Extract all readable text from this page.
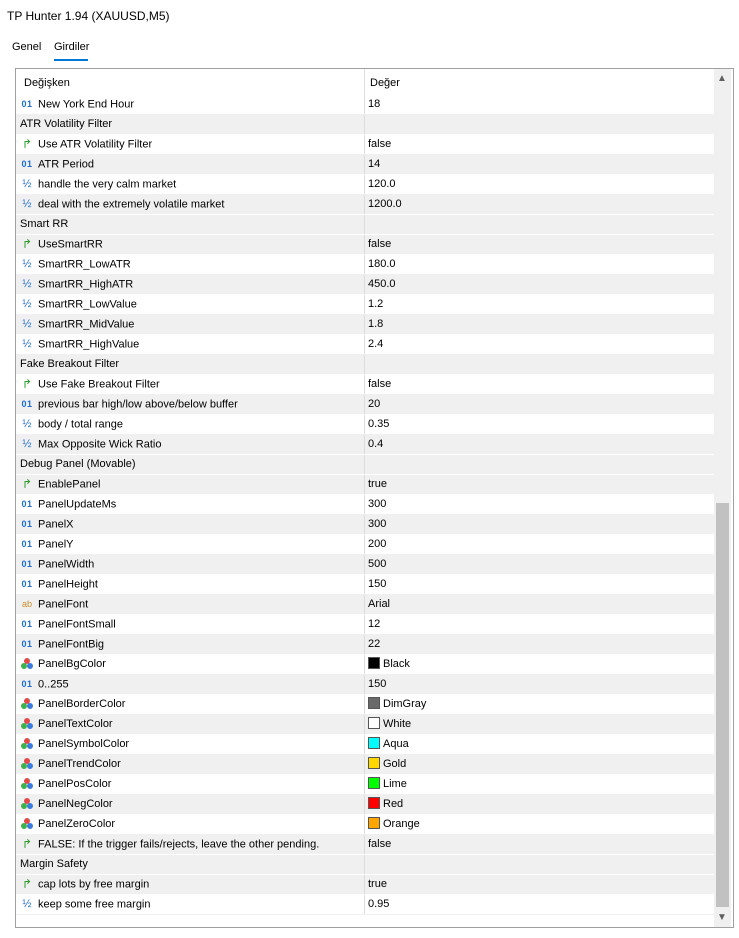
TP Hunter 1.94 (XAUUSD,M5)
Genel Girdiler
Değişken	Değer
01 New York End Hour	18
ATR Volatility Filter
↱ Use ATR Volatility Filter	false
01 ATR Period	14
½ handle the very calm market	120.0
½ deal with the extremely volatile market	1200.0
Smart RR
↱ UseSmartRR	false
½ SmartRR_LowATR	180.0
½ SmartRR_HighATR	450.0
½ SmartRR_LowValue	1.2
½ SmartRR_MidValue	1.8
½ SmartRR_HighValue	2.4
Fake Breakout Filter
↱ Use Fake Breakout Filter	false
01 previous bar high/low above/below buffer	20
½ body / total range	0.35
½ Max Opposite Wick Ratio	0.4
Debug Panel (Movable)
↱ EnablePanel	true
01 PanelUpdateMs	300
01 PanelX	300
01 PanelY	200
01 PanelWidth	500
01 PanelHeight	150
ab PanelFont	Arial
01 PanelFontSmall	12
01 PanelFontBig	22
PanelBgColor	Black
01 0..255	150
PanelBorderColor	DimGray
PanelTextColor	White
PanelSymbolColor	Aqua
PanelTrendColor	Gold
PanelPosColor	Lime
PanelNegColor	Red
PanelZeroColor	Orange
↱ FALSE: If the trigger fails/rejects, leave the other pending.	false
Margin Safety
↱ cap lots by free margin	true
½ keep some free margin	0.95
▲
▼
